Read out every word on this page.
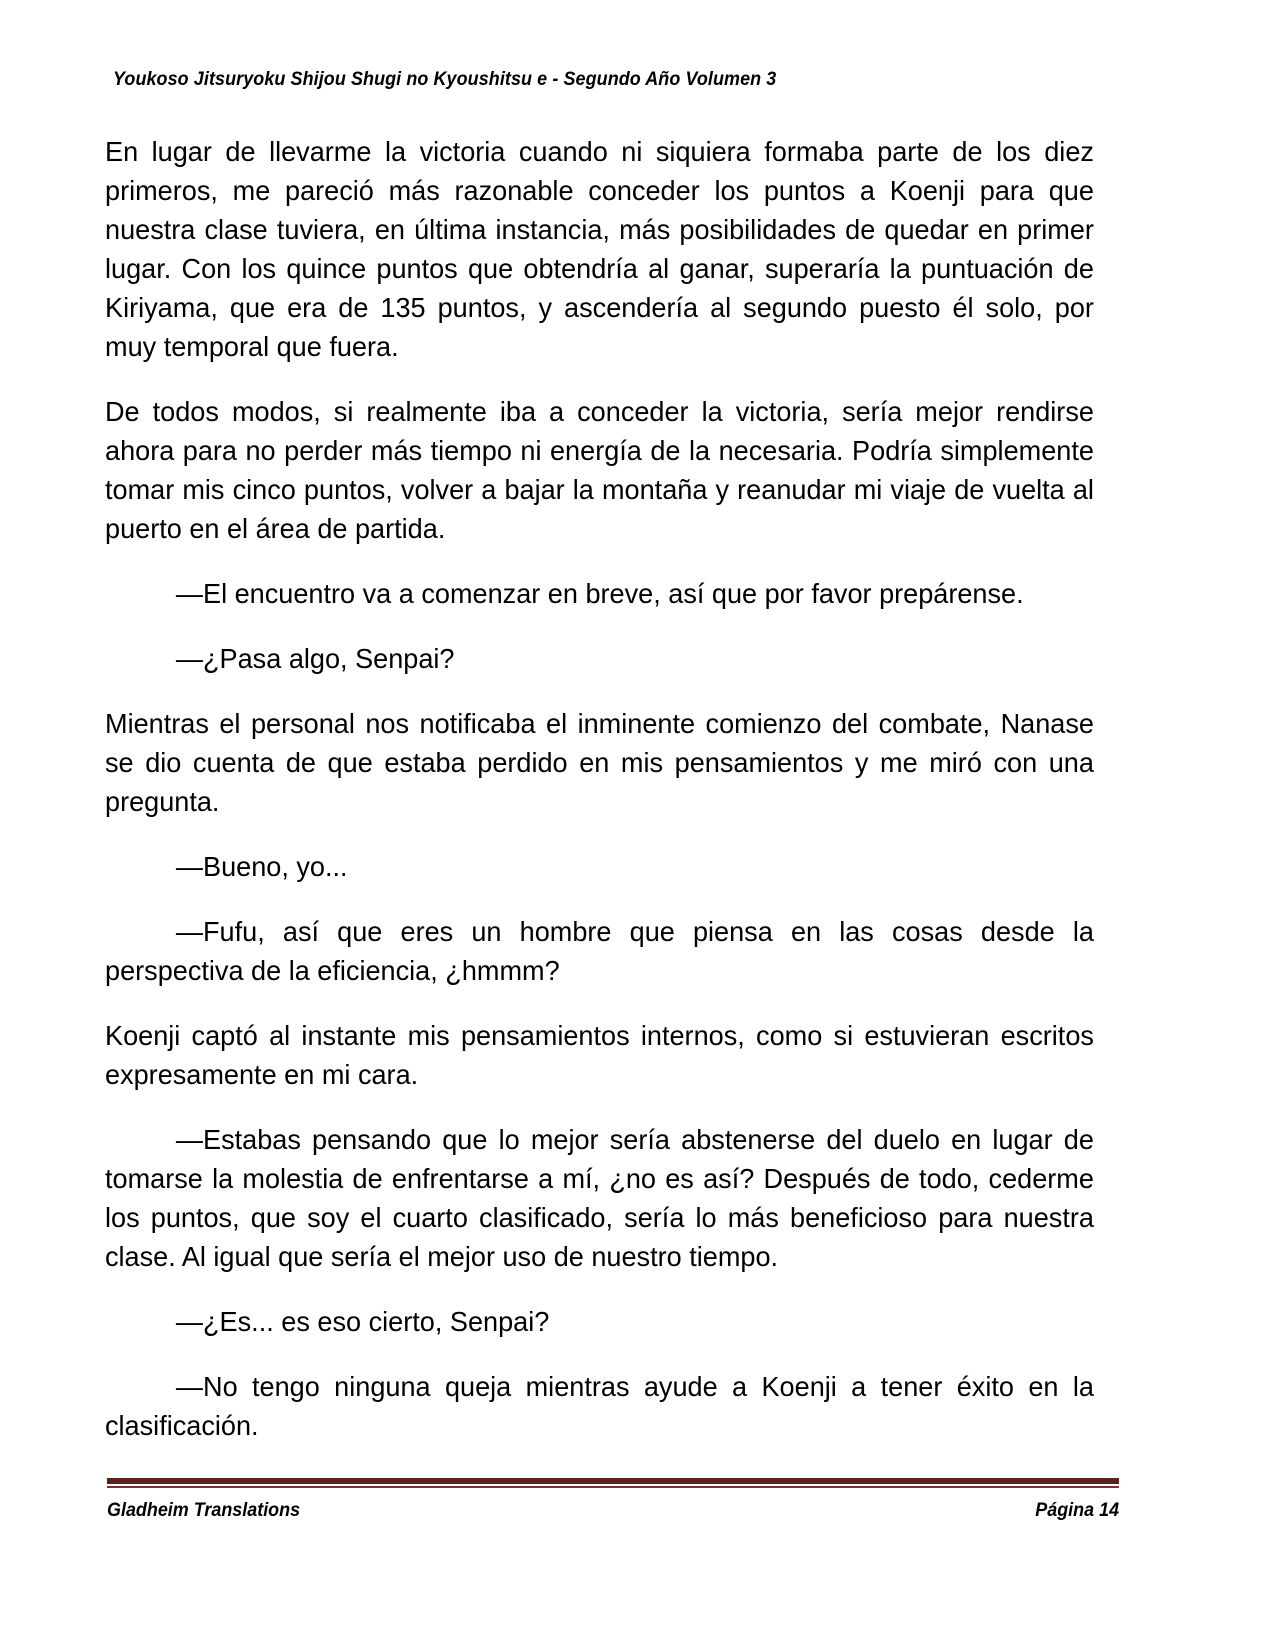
Youkoso Jitsuryoku Shijou Shugi no Kyoushitsu e - Segundo Año Volumen 3

En lugar de llevarme la victoria cuando ni siquiera formaba parte de los diez primeros, me pareció más razonable conceder los puntos a Koenji para que nuestra clase tuviera, en última instancia, más posibilidades de quedar en primer lugar. Con los quince puntos que obtendría al ganar, superaría la puntuación de Kiriyama, que era de 135 puntos, y ascendería al segundo puesto él solo, por muy temporal que fuera.

De todos modos, si realmente iba a conceder la victoria, sería mejor rendirse ahora para no perder más tiempo ni energía de la necesaria. Podría simplemente tomar mis cinco puntos, volver a bajar la montaña y reanudar mi viaje de vuelta al puerto en el área de partida.

—El encuentro va a comenzar en breve, así que por favor prepárense.

—¿Pasa algo, Senpai?

Mientras el personal nos notificaba el inminente comienzo del combate, Nanase se dio cuenta de que estaba perdido en mis pensamientos y me miró con una pregunta.

—Bueno, yo...

—Fufu, así que eres un hombre que piensa en las cosas desde la perspectiva de la eficiencia, ¿hmmm?

Koenji captó al instante mis pensamientos internos, como si estuvieran escritos expresamente en mi cara.

—Estabas pensando que lo mejor sería abstenerse del duelo en lugar de tomarse la molestia de enfrentarse a mí, ¿no es así? Después de todo, cederme los puntos, que soy el cuarto clasificado, sería lo más beneficioso para nuestra clase. Al igual que sería el mejor uso de nuestro tiempo.

—¿Es... es eso cierto, Senpai?

—No tengo ninguna queja mientras ayude a Koenji a tener éxito en la clasificación.

Gladheim Translations	Página 14
